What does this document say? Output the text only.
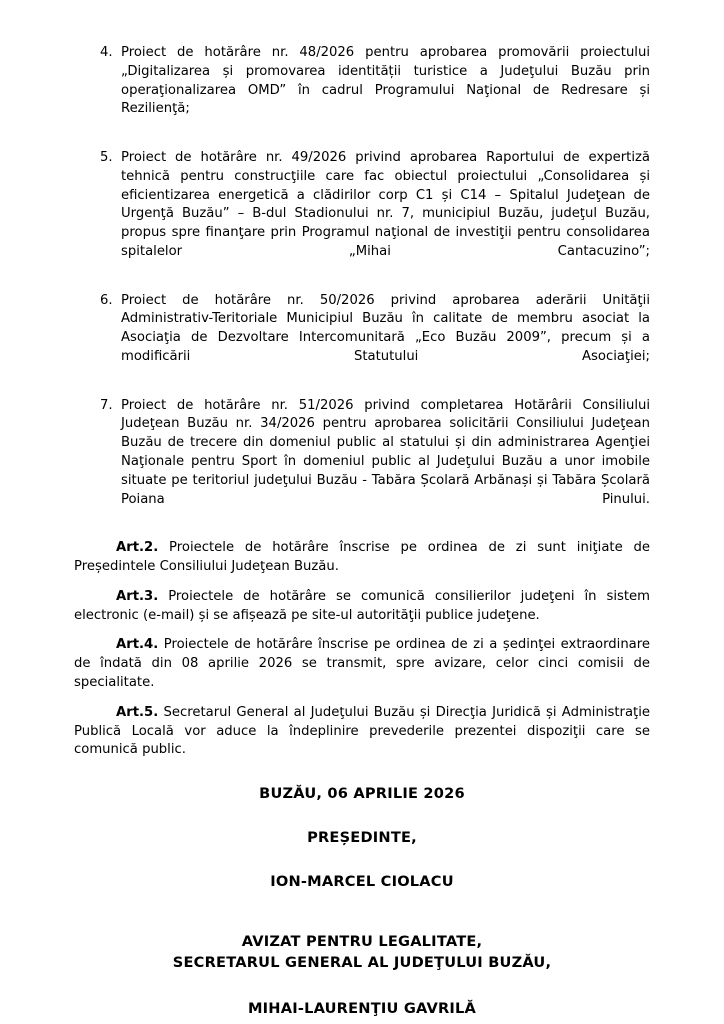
4. Proiect de hotărâre nr. 48/2026 pentru aprobarea promovării proiectului „Digitalizarea și promovarea identității turistice a Judeţului Buzău prin operaţionalizarea OMD” în cadrul Programului Naţional de Redresare și Rezilienţă;
5. Proiect de hotărâre nr. 49/2026 privind aprobarea Raportului de expertiză tehnică pentru construcţiile care fac obiectul proiectului „Consolidarea și eficientizarea energetică a clădirilor corp C1 și C14 – Spitalul Judeţean de Urgenţă Buzău” – B-dul Stadionului nr. 7, municipiul Buzău, judeţul Buzău, propus spre finanţare prin Programul naţional de investiţii pentru consolidarea spitalelor „Mihai Cantacuzino”;
6. Proiect de hotărâre nr. 50/2026 privind aprobarea aderării Unităţii Administrativ-Teritoriale Municipiul Buzău în calitate de membru asociat la Asociaţia de Dezvoltare Intercomunitară „Eco Buzău 2009”, precum și a modificării Statutului Asociaţiei;
7. Proiect de hotărâre nr. 51/2026 privind completarea Hotărârii Consiliului Judeţean Buzău nr. 34/2026 pentru aprobarea solicitării Consiliului Judeţean Buzău de trecere din domeniul public al statului și din administrarea Agenţiei Naţionale pentru Sport în domeniul public al Judeţului Buzău a unor imobile situate pe teritoriul judeţului Buzău - Tabăra Școlară Arbănași și Tabăra Școlară Poiana Pinului.

Art.2. Proiectele de hotărâre înscrise pe ordinea de zi sunt iniţiate de Președintele Consiliului Judeţean Buzău.

Art.3. Proiectele de hotărâre se comunică consilierilor judeţeni în sistem electronic (e-mail) și se afișează pe site-ul autorităţii publice judeţene.

Art.4. Proiectele de hotărâre înscrise pe ordinea de zi a ședinţei extraordinare de îndată din 08 aprilie 2026 se transmit, spre avizare, celor cinci comisii de specialitate.

Art.5. Secretarul General al Judeţului Buzău și Direcţia Juridică și Administraţie Publică Locală vor aduce la îndeplinire prevederile prezentei dispoziţii care se comunică public.

BUZĂU, 06 APRILIE 2026
PREȘEDINTE,
ION-MARCEL CIOLACU
AVIZAT PENTRU LEGALITATE,
SECRETARUL GENERAL AL JUDEŢULUI BUZĂU,
MIHAI-LAURENŢIU GAVRILĂ
